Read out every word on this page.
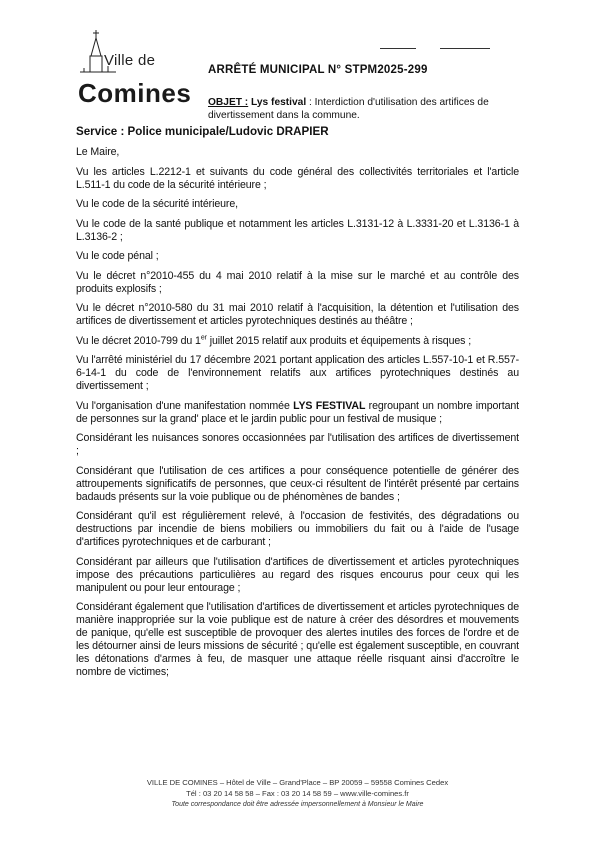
Ville de
Comines
ARRÊTÉ MUNICIPAL N° STPM2025-299
OBJET : Lys festival : Interdiction d'utilisation des artifices de divertissement dans la commune.
Service : Police municipale/Ludovic DRAPIER

Le Maire,

Vu les articles L.2212-1 et suivants du code général des collectivités territoriales et l'article L.511-1 du code de la sécurité intérieure ;

Vu le code de la sécurité intérieure,

Vu le code de la santé publique et notamment les articles L.3131-12 à L.3331-20 et L.3136-1 à L.3136-2 ;

Vu le code pénal ;

Vu le décret n°2010-455 du 4 mai 2010 relatif à la mise sur le marché et au contrôle des produits explosifs ;

Vu le décret n°2010-580 du 31 mai 2010 relatif à l'acquisition, la détention et l'utilisation des artifices de divertissement et articles pyrotechniques destinés au théâtre ;

Vu le décret 2010-799 du 1er juillet 2015 relatif aux produits et équipements à risques ;

Vu l'arrêté ministériel du 17 décembre 2021 portant application des articles L.557-10-1 et R.557-6-14-1 du code de l'environnement relatifs aux artifices pyrotechniques destinés au divertissement ;

Vu l'organisation d'une manifestation nommée LYS FESTIVAL regroupant un nombre important de personnes sur la grand' place et le jardin public pour un festival de musique ;

Considérant les nuisances sonores occasionnées par l'utilisation des artifices de divertissement ;

Considérant que l'utilisation de ces artifices a pour conséquence potentielle de générer des attroupements significatifs de personnes, que ceux-ci résultent de l'intérêt présenté par certains badauds présents sur la voie publique ou de phénomènes de bandes ;

Considérant qu'il est régulièrement relevé, à l'occasion de festivités, des dégradations ou destructions par incendie de biens mobiliers ou immobiliers du fait ou à l'aide de l'usage d'artifices pyrotechniques et de carburant ;

Considérant par ailleurs que l'utilisation d'artifices de divertissement et articles pyrotechniques impose des précautions particulières au regard des risques encourus pour ceux qui les manipulent ou pour leur entourage ;

Considérant également que l'utilisation d'artifices de divertissement et articles pyrotechniques de manière inappropriée sur la voie publique est de nature à créer des désordres et mouvements de panique, qu'elle est susceptible de provoquer des alertes inutiles des forces de l'ordre et de les détourner ainsi de leurs missions de sécurité ; qu'elle est également susceptible, en couvrant les détonations d'armes à feu, de masquer une attaque réelle risquant ainsi d'accroître le nombre de victimes;

VILLE DE COMINES – Hôtel de Ville – Grand'Place – BP 20059 – 59558 Comines Cedex
Tél : 03 20 14 58 58 – Fax : 03 20 14 58 59 – www.ville-comines.fr
Toute correspondance doit être adressée impersonnellement à Monsieur le Maire
